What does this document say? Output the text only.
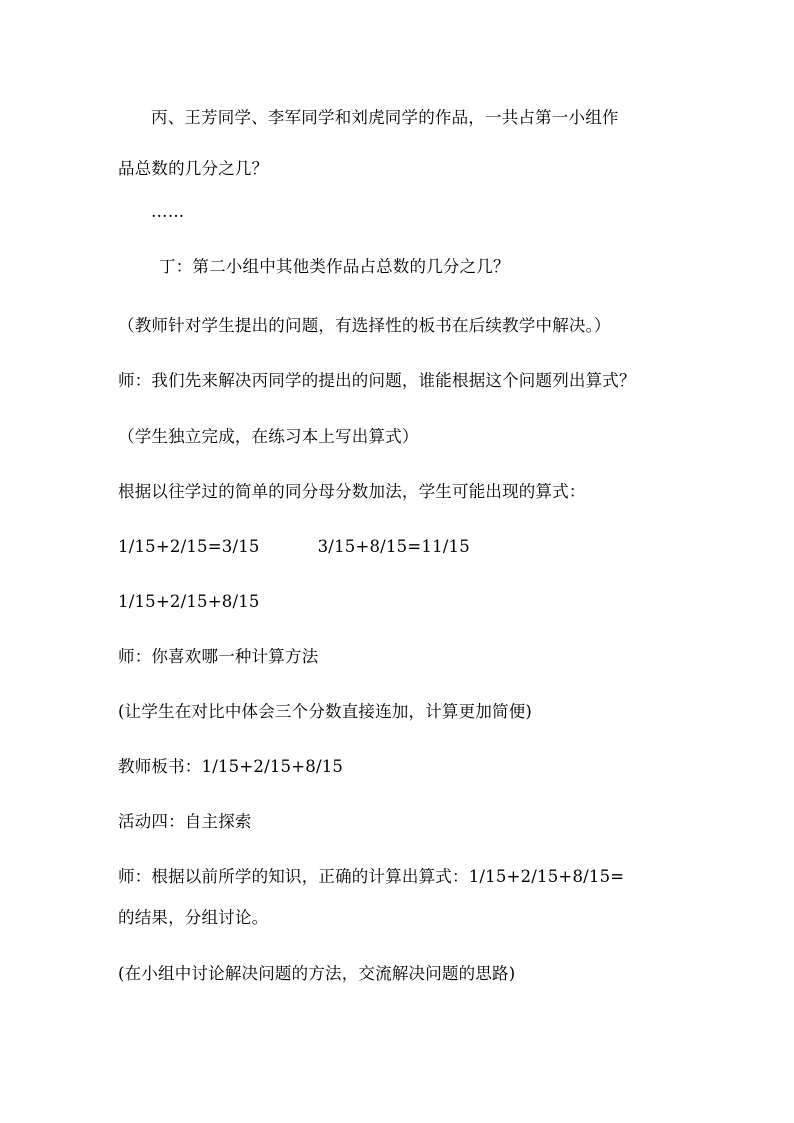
丙、王芳同学、李军同学和刘虎同学的作品，一共占第一小组作
品总数的几分之几？
……
丁：第二小组中其他类作品占总数的几分之几？
（教师针对学生提出的问题，有选择性的板书在后续教学中解决。）
师：我们先来解决丙同学的提出的问题，谁能根据这个问题列出算式？
（学生独立完成，在练习本上写出算式）
根据以往学过的简单的同分母分数加法，学生可能出现的算式：
1/15+2/15=3/15	3/15+8/15=11/15
1/15+2/15+8/15
师：你喜欢哪一种计算方法
(让学生在对比中体会三个分数直接连加，计算更加简便)
教师板书：1/15+2/15+8/15
活动四：自主探索
师：根据以前所学的知识，正确的计算出算式：1/15+2/15+8/15=
的结果，分组讨论。
(在小组中讨论解决问题的方法，交流解决问题的思路)
